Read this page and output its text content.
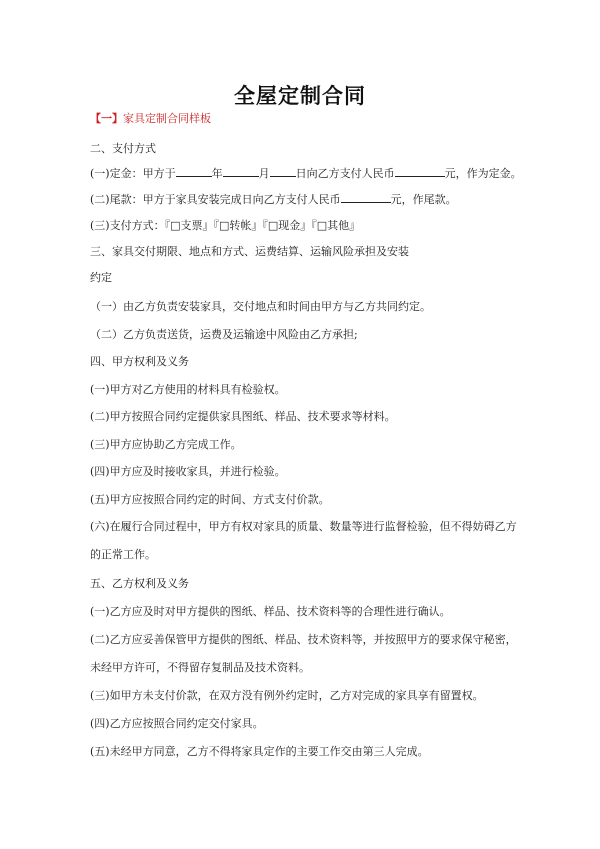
全屋定制合同
【一】家具定制合同样板
二、支付方式
(一)定金：甲方于	年	月 日向乙方支付人民币	元，作为定金。
(二)尾款：甲方于家具安装完成日向乙方支付人民币	元，作尾款。
(三)支付方式：『□支票』『□转帐』『□现金』『□其他』
三、家具交付期限、地点和方式、运费结算、运输风险承担及安装
约定
（一）由乙方负责安装家具，交付地点和时间由甲方与乙方共同约定。
（二）乙方负责送货，运费及运输途中风险由乙方承担;
四、甲方权利及义务
(一)甲方对乙方使用的材料具有检验权。
(二)甲方按照合同约定提供家具图纸、样品、技术要求等材料。
(三)甲方应协助乙方完成工作。
(四)甲方应及时接收家具，并进行检验。
(五)甲方应按照合同约定的时间、方式支付价款。
(六)在履行合同过程中，甲方有权对家具的质量、数量等进行监督检验，但不得妨碍乙方
的正常工作。
五、乙方权利及义务
(一)乙方应及时对甲方提供的图纸、样品、技术资料等的合理性进行确认。
(二)乙方应妥善保管甲方提供的图纸、样品、技术资料等，并按照甲方的要求保守秘密，
未经甲方许可，不得留存复制品及技术资料。
(三)如甲方未支付价款，在双方没有例外约定时，乙方对完成的家具享有留置权。
(四)乙方应按照合同约定交付家具。
(五)未经甲方同意，乙方不得将家具定作的主要工作交由第三人完成。
